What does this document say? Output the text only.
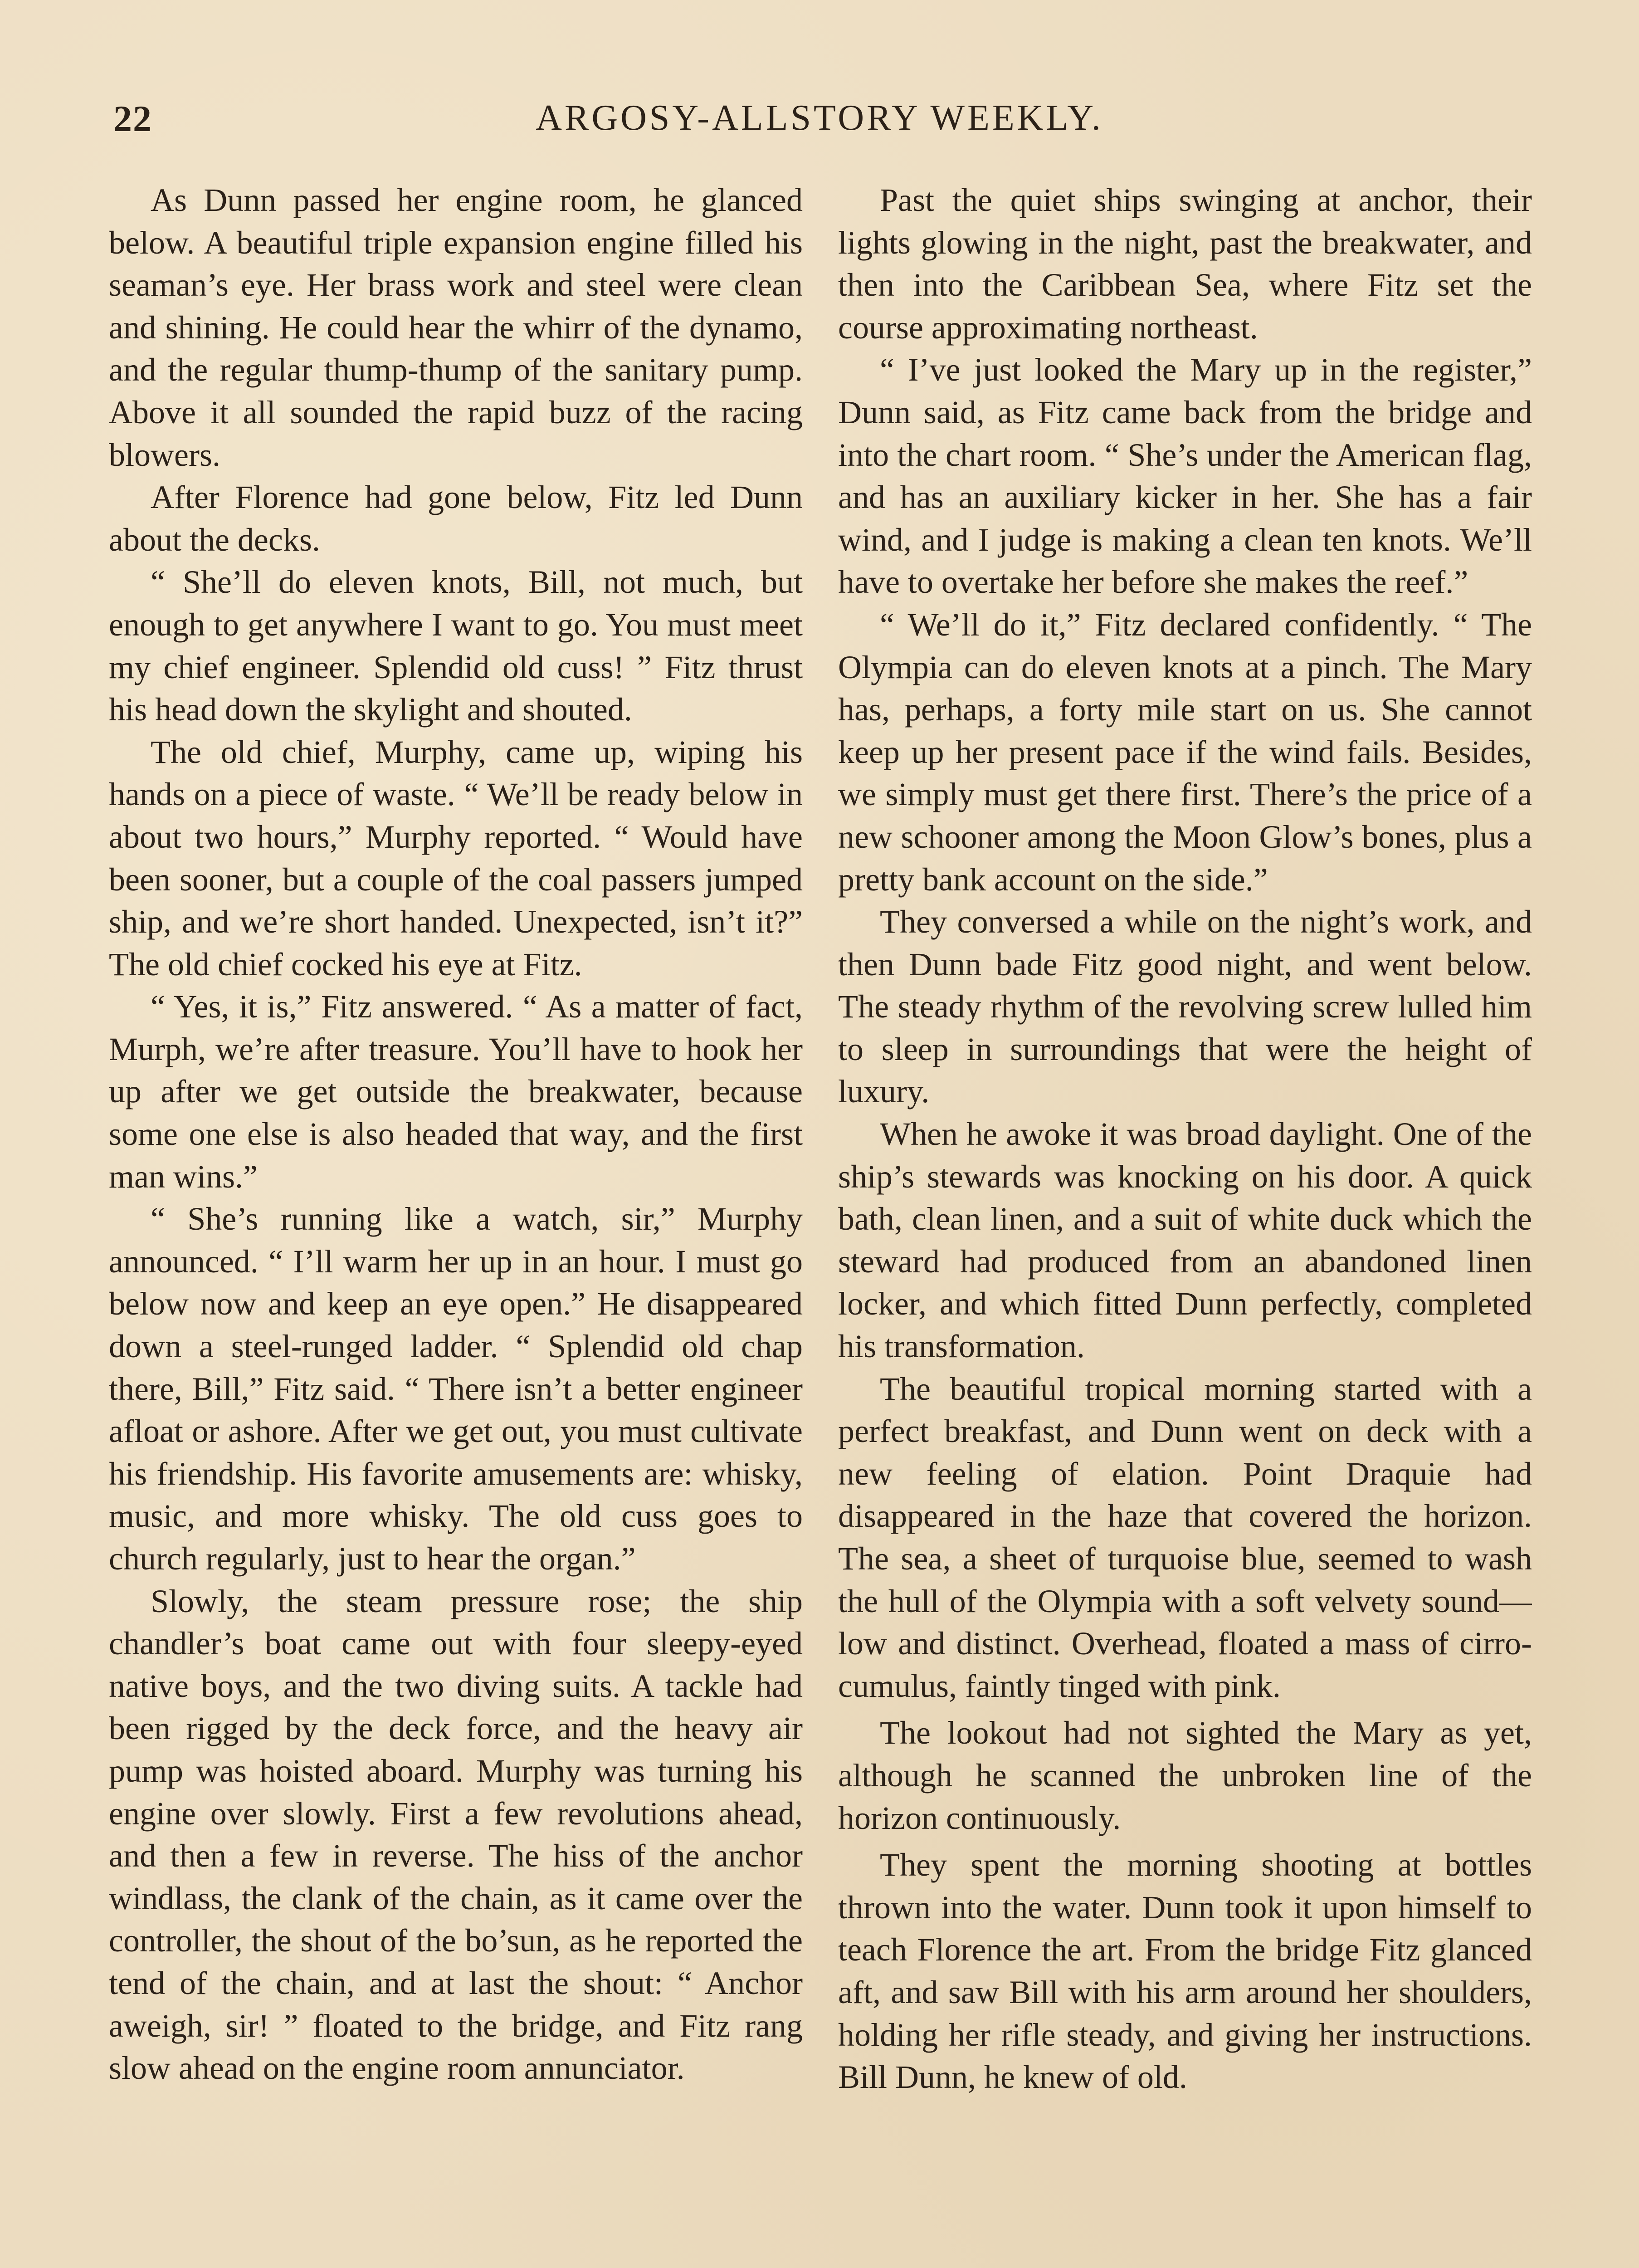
22	ARGOSY-ALLSTORY WEEKLY.

As Dunn passed her engine room, he glanced below. A beautiful triple expansion engine filled his seaman’s eye. Her brass work and steel were clean and shining. He could hear the whirr of the dynamo, and the regular thump-thump of the sanitary pump. Above it all sounded the rapid buzz of the racing blowers.

After Florence had gone below, Fitz led Dunn about the decks.

“ She’ll do eleven knots, Bill, not much, but enough to get anywhere I want to go. You must meet my chief engineer. Splendid old cuss! ” Fitz thrust his head down the skylight and shouted.

The old chief, Murphy, came up, wiping his hands on a piece of waste. “ We’ll be ready below in about two hours,” Murphy reported. “ Would have been sooner, but a couple of the coal passers jumped ship, and we’re short handed. Unexpected, isn’t it?” The old chief cocked his eye at Fitz.

“ Yes, it is,” Fitz answered. “ As a matter of fact, Murph, we’re after treasure. You’ll have to hook her up after we get outside the breakwater, because some one else is also headed that way, and the first man wins.”

“ She’s running like a watch, sir,” Murphy announced. “ I’ll warm her up in an hour. I must go below now and keep an eye open.” He disappeared down a steel-runged ladder. “ Splendid old chap there, Bill,” Fitz said. “ There isn’t a better engineer afloat or ashore. After we get out, you must cultivate his friendship. His favorite amusements are: whisky, music, and more whisky. The old cuss goes to church regularly, just to hear the organ.”

Slowly, the steam pressure rose; the ship chandler’s boat came out with four sleepy-eyed native boys, and the two diving suits. A tackle had been rigged by the deck force, and the heavy air pump was hoisted aboard. Murphy was turning his engine over slowly. First a few revolutions ahead, and then a few in reverse. The hiss of the anchor windlass, the clank of the chain, as it came over the controller, the shout of the bo’sun, as he reported the tend of the chain, and at last the shout: “ Anchor aweigh, sir! ” floated to the bridge, and Fitz rang slow ahead on the engine room annunciator.

Past the quiet ships swinging at anchor, their lights glowing in the night, past the breakwater, and then into the Caribbean Sea, where Fitz set the course approximating northeast.

“ I’ve just looked the Mary up in the register,” Dunn said, as Fitz came back from the bridge and into the chart room. “ She’s under the American flag, and has an auxiliary kicker in her. She has a fair wind, and I judge is making a clean ten knots. We’ll have to overtake her before she makes the reef.”

“ We’ll do it,” Fitz declared confidently. “ The Olympia can do eleven knots at a pinch. The Mary has, perhaps, a forty mile start on us. She cannot keep up her present pace if the wind fails. Besides, we simply must get there first. There’s the price of a new schooner among the Moon Glow’s bones, plus a pretty bank account on the side.”

They conversed a while on the night’s work, and then Dunn bade Fitz good night, and went below. The steady rhythm of the revolving screw lulled him to sleep in surroundings that were the height of luxury.

When he awoke it was broad daylight. One of the ship’s stewards was knocking on his door. A quick bath, clean linen, and a suit of white duck which the steward had produced from an abandoned linen locker, and which fitted Dunn perfectly, completed his transformation.

The beautiful tropical morning started with a perfect breakfast, and Dunn went on deck with a new feeling of elation. Point Draquie had disappeared in the haze that covered the horizon. The sea, a sheet of turquoise blue, seemed to wash the hull of the Olympia with a soft velvety sound— low and distinct. Overhead, floated a mass of cirro-cumulus, faintly tinged with pink.

The lookout had not sighted the Mary as yet, although he scanned the unbroken line of the horizon continuously.

They spent the morning shooting at bottles thrown into the water. Dunn took it upon himself to teach Florence the art. From the bridge Fitz glanced aft, and saw Bill with his arm around her shoulders, holding her rifle steady, and giving her instructions. Bill Dunn, he knew of old.
